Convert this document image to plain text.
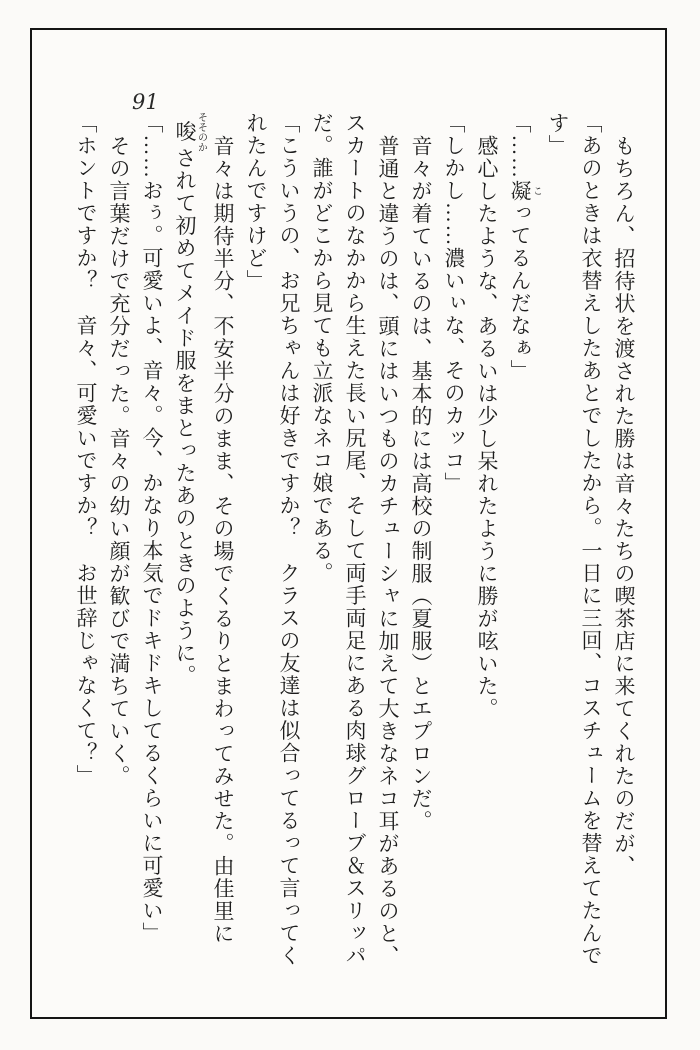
91
もちろん、招待状を渡された勝は音々たちの喫茶店に来てくれたのだが、
「あのときは衣替えしたあとでしたから。一日に三回、コスチュームを替えてたんで
す」
「……凝こってるんだなぁ」
感心したような、あるいは少し呆れたように勝が呟いた。
「しかし……濃いぃな、そのカッコ」
音々が着ているのは、基本的には高校の制服（夏服）とエプロンだ。
普通と違うのは、頭にはいつものカチューシャに加えて大きなネコ耳があるのと、
スカートのなかから生えた長い尻尾、そして両手両足にある肉球グローブ＆スリッパ
だ。誰がどこから見ても立派なネコ娘である。
「こういうの、お兄ちゃんは好きですか？　クラスの友達は似合ってるって言ってく
れたんですけど」
音々は期待半分、不安半分のまま、その場でくるりとまわってみせた。由佳里に
唆そそのかされて初めてメイド服をまとったあのときのように。
「……おぅ。可愛いよ、音々。今、かなり本気でドキドキしてるくらいに可愛い」
その言葉だけで充分だった。音々の幼い顔が歓びで満ちていく。
「ホントですか？　音々、可愛いですか？　お世辞じゃなくて？」
